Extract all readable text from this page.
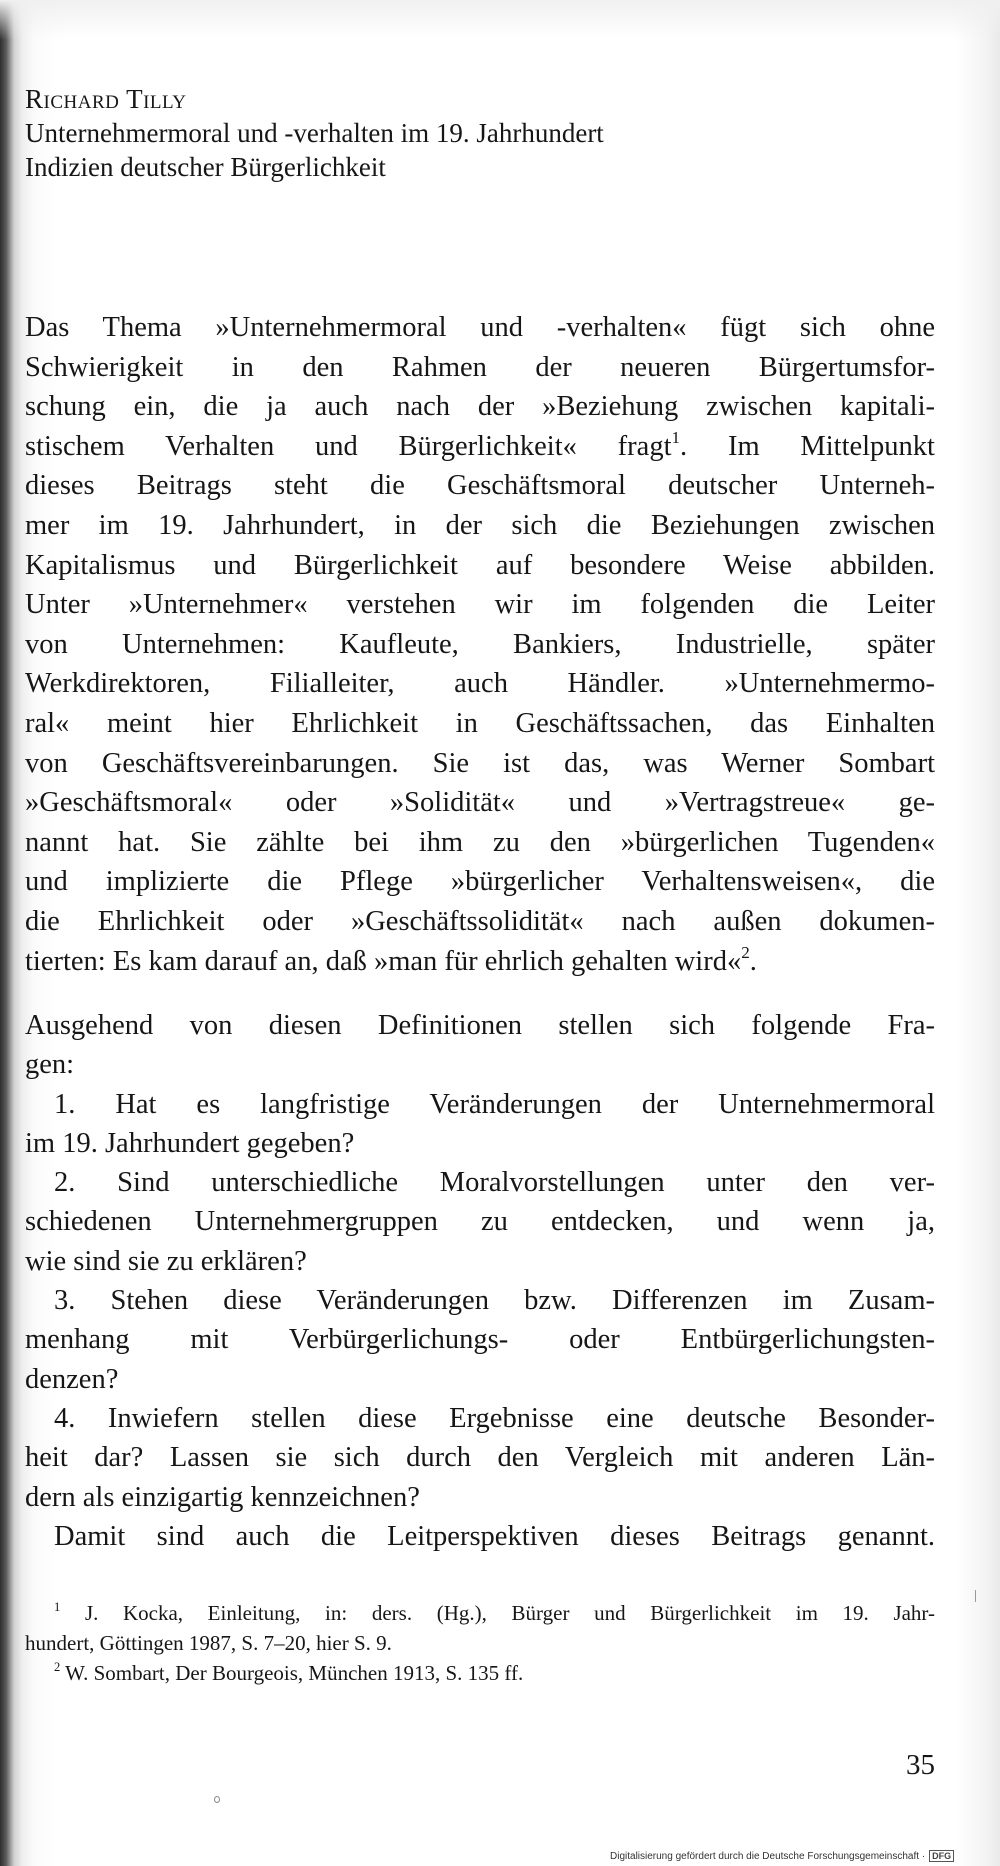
Richard Tilly
Unternehmermoral und -verhalten im 19. Jahrhundert
Indizien deutscher Bürgerlichkeit
Das Thema »Unternehmermoral und -verhalten« fügt sich ohne
Schwierigkeit in den Rahmen der neueren Bürgertumsfor-
schung ein, die ja auch nach der »Beziehung zwischen kapitali-
stischem Verhalten und Bürgerlichkeit« fragt$^1$. Im Mittelpunkt
dieses Beitrags steht die Geschäftsmoral deutscher Unterneh-
mer im 19. Jahrhundert, in der sich die Beziehungen zwischen
Kapitalismus und Bürgerlichkeit auf besondere Weise abbilden.
Unter »Unternehmer« verstehen wir im folgenden die Leiter
von Unternehmen: Kaufleute, Bankiers, Industrielle, später
Werkdirektoren, Filialleiter, auch Händler. »Unternehmermo-
ral« meint hier Ehrlichkeit in Geschäftssachen, das Einhalten
von Geschäftsvereinbarungen. Sie ist das, was Werner Sombart
»Geschäftsmoral« oder »Solidität« und »Vertragstreue« ge-
nannt hat. Sie zählte bei ihm zu den »bürgerlichen Tugenden«
und implizierte die Pflege »bürgerlicher Verhaltensweisen«, die
die Ehrlichkeit oder »Geschäftssolidität« nach außen dokumen-
tierten: Es kam darauf an, daß »man für ehrlich gehalten wird«$^2$.
Ausgehend von diesen Definitionen stellen sich folgende Fra-
gen:
1. Hat es langfristige Veränderungen der Unternehmermoral
im 19. Jahrhundert gegeben?
2. Sind unterschiedliche Moralvorstellungen unter den ver-
schiedenen Unternehmergruppen zu entdecken, und wenn ja,
wie sind sie zu erklären?
3. Stehen diese Veränderungen bzw. Differenzen im Zusam-
menhang mit Verbürgerlichungs- oder Entbürgerlichungsten-
denzen?
4. Inwiefern stellen diese Ergebnisse eine deutsche Besonder-
heit dar? Lassen sie sich durch den Vergleich mit anderen Län-
dern als einzigartig kennzeichnen?
Damit sind auch die Leitperspektiven dieses Beitrags genannt.
$^1$ J. Kocka, Einleitung, in: ders. (Hg.), Bürger und Bürgerlichkeit im 19. Jahr-
hundert, Göttingen 1987, S. 7–20, hier S. 9.
$^2$ W. Sombart, Der Bourgeois, München 1913, S. 135 ff.
35
Digitalisierung gefördert durch die Deutsche Forschungsgemeinschaft · DFG
